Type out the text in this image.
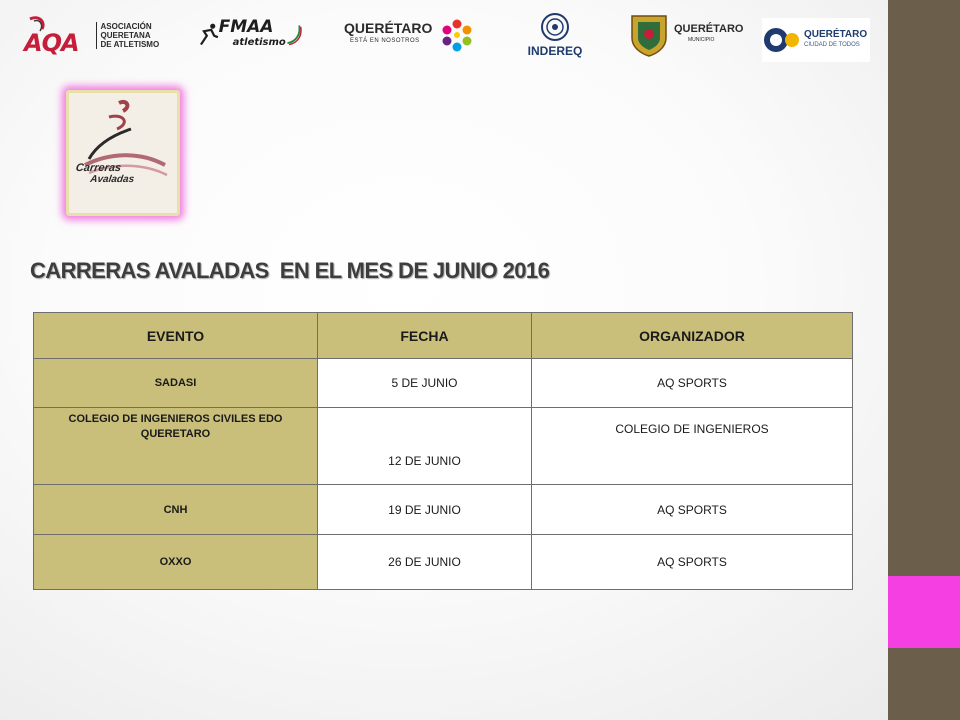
AQA
ASOCIACIÓN
QUERETANA
DE ATLETISMO
FMAA
atletismo
QUERÉTARO
ESTÁ EN NOSOTROS
INDEREQ
QUERÉTARO
MUNICIPIO	QUERÉTARO
CIUDAD DE TODOS
Carreras
Avaladas
CARRERAS AVALADAS  EN EL MES DE JUNIO 2016
EVENTO	FECHA	ORGANIZADOR
SADASI	5 DE JUNIO	AQ SPORTS
COLEGIO DE INGENIEROS CIVILES EDO QUERETARO	12 DE JUNIO	COLEGIO DE INGENIEROS
CNH	19 DE JUNIO	AQ SPORTS
OXXO	26 DE JUNIO	AQ SPORTS
